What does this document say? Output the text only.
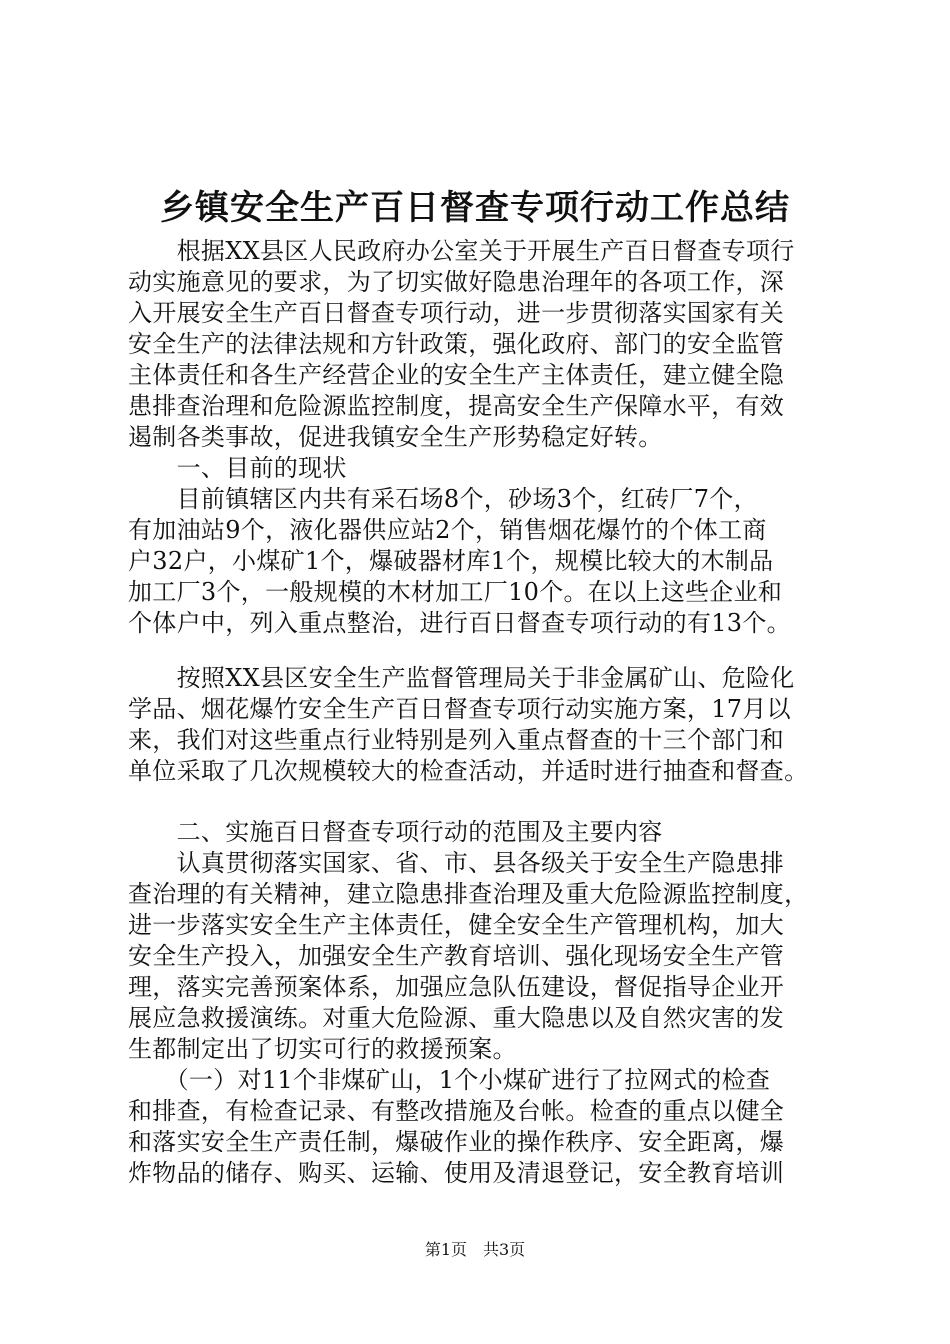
乡镇安全生产百日督查专项行动工作总结
　　根据XX县区人民政府办公室关于开展生产百日督查专项行
动实施意见的要求，为了切实做好隐患治理年的各项工作，深
入开展安全生产百日督查专项行动，进一步贯彻落实国家有关
安全生产的法律法规和方针政策，强化政府、部门的安全监管
主体责任和各生产经营企业的安全生产主体责任，建立健全隐
患排查治理和危险源监控制度，提高安全生产保障水平，有效
遏制各类事故，促进我镇安全生产形势稳定好转。
　　一、目前的现状
　　目前镇辖区内共有采石场8个，砂场3个，红砖厂7个，
有加油站9个，液化器供应站2个，销售烟花爆竹的个体工商
户32户，小煤矿1个，爆破器材库1个，规模比较大的木制品
加工厂3个，一般规模的木材加工厂10个。在以上这些企业和
个体户中，列入重点整治，进行百日督查专项行动的有13个。
　　按照XX县区安全生产监督管理局关于非金属矿山、危险化
学品、烟花爆竹安全生产百日督查专项行动实施方案，17月以
来，我们对这些重点行业特别是列入重点督查的十三个部门和
单位采取了几次规模较大的检查活动，并适时进行抽查和督查。
　　二、实施百日督查专项行动的范围及主要内容
　　认真贯彻落实国家、省、市、县各级关于安全生产隐患排
查治理的有关精神，建立隐患排查治理及重大危险源监控制度，
进一步落实安全生产主体责任，健全安全生产管理机构，加大
安全生产投入，加强安全生产教育培训、强化现场安全生产管
理，落实完善预案体系，加强应急队伍建设，督促指导企业开
展应急救援演练。对重大危险源、重大隐患以及自然灾害的发
生都制定出了切实可行的救援预案。
　　（一）对11个非煤矿山，1个小煤矿进行了拉网式的检查
和排查，有检查记录、有整改措施及台帐。检查的重点以健全
和落实安全生产责任制，爆破作业的操作秩序、安全距离，爆
炸物品的储存、购买、运输、使用及清退登记，安全教育培训
第1页　共3页
